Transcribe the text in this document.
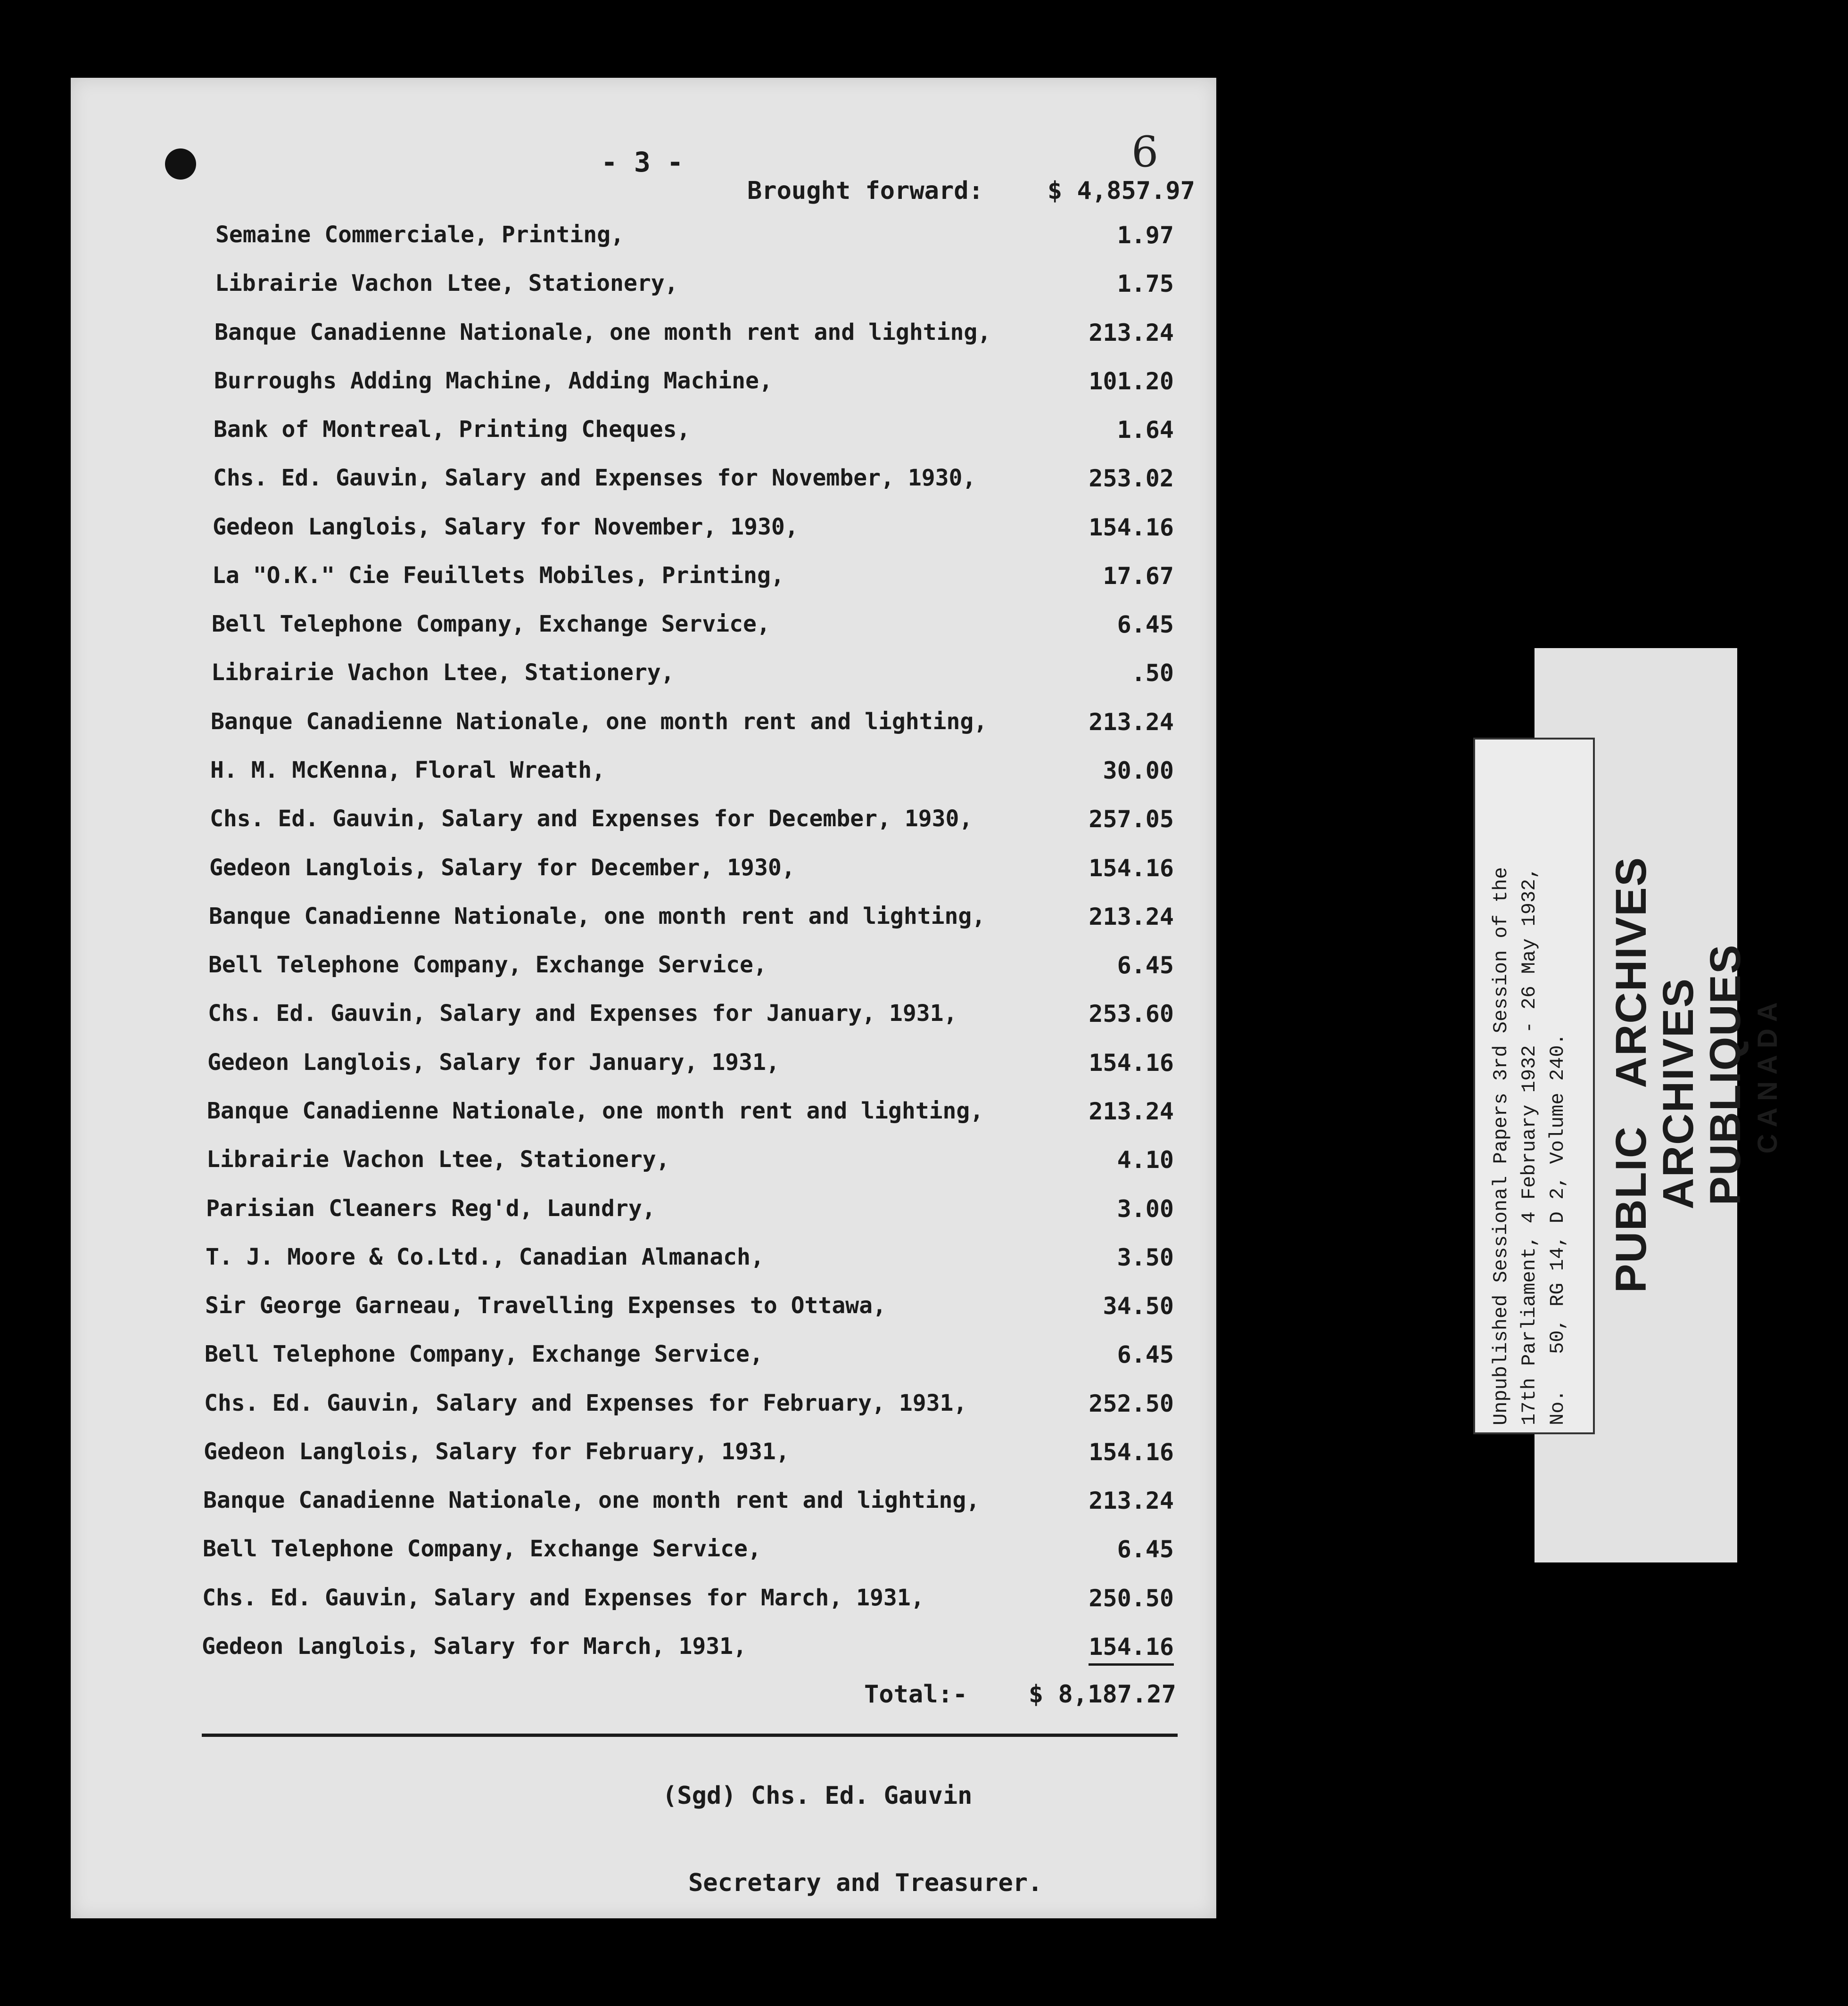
- 3 -	6
Brought forward:	$ 4,857.97
Semaine Commerciale, Printing,	1.97
Librairie Vachon Ltee, Stationery,	1.75
Banque Canadienne Nationale, one month rent and lighting,	213.24
Burroughs Adding Machine, Adding Machine,	101.20
Bank of Montreal, Printing Cheques,	1.64
Chs. Ed. Gauvin, Salary and Expenses for November, 1930,	253.02
Gedeon Langlois, Salary for November, 1930,	154.16
La "O.K." Cie Feuillets Mobiles, Printing,	17.67
Bell Telephone Company, Exchange Service,	6.45
Librairie Vachon Ltee, Stationery,	.50
Banque Canadienne Nationale, one month rent and lighting,	213.24
H. M. McKenna, Floral Wreath,	30.00
Chs. Ed. Gauvin, Salary and Expenses for December, 1930,	257.05
Gedeon Langlois, Salary for December, 1930,	154.16
Banque Canadienne Nationale, one month rent and lighting,	213.24
Bell Telephone Company, Exchange Service,	6.45
Chs. Ed. Gauvin, Salary and Expenses for January, 1931,	253.60
Gedeon Langlois, Salary for January, 1931,	154.16
Banque Canadienne Nationale, one month rent and lighting,	213.24
Librairie Vachon Ltee, Stationery,	4.10
Parisian Cleaners Reg'd, Laundry,	3.00
T. J. Moore & Co.Ltd., Canadian Almanach,	3.50
Sir George Garneau, Travelling Expenses to Ottawa,	34.50
Bell Telephone Company, Exchange Service,	6.45
Chs. Ed. Gauvin, Salary and Expenses for February, 1931,	252.50
Gedeon Langlois, Salary for February, 1931,	154.16
Banque Canadienne Nationale, one month rent and lighting,	213.24
Bell Telephone Company, Exchange Service,	6.45
Chs. Ed. Gauvin, Salary and Expenses for March, 1931,	250.50
Gedeon Langlois, Salary for March, 1931,	154.16
Total:- $ 8,187.27
(Sgd) Chs. Ed. Gauvin
Secretary and Treasurer.
PUBLICARCHIVES
ARCHIVESPUBLIQUES CANADA
Unpublished Sessional Papers 3rd Session of the 17th Parliament, 4 February 1932 - 26 May 1932, No.   50, RG 14, D 2, Volume 240.
